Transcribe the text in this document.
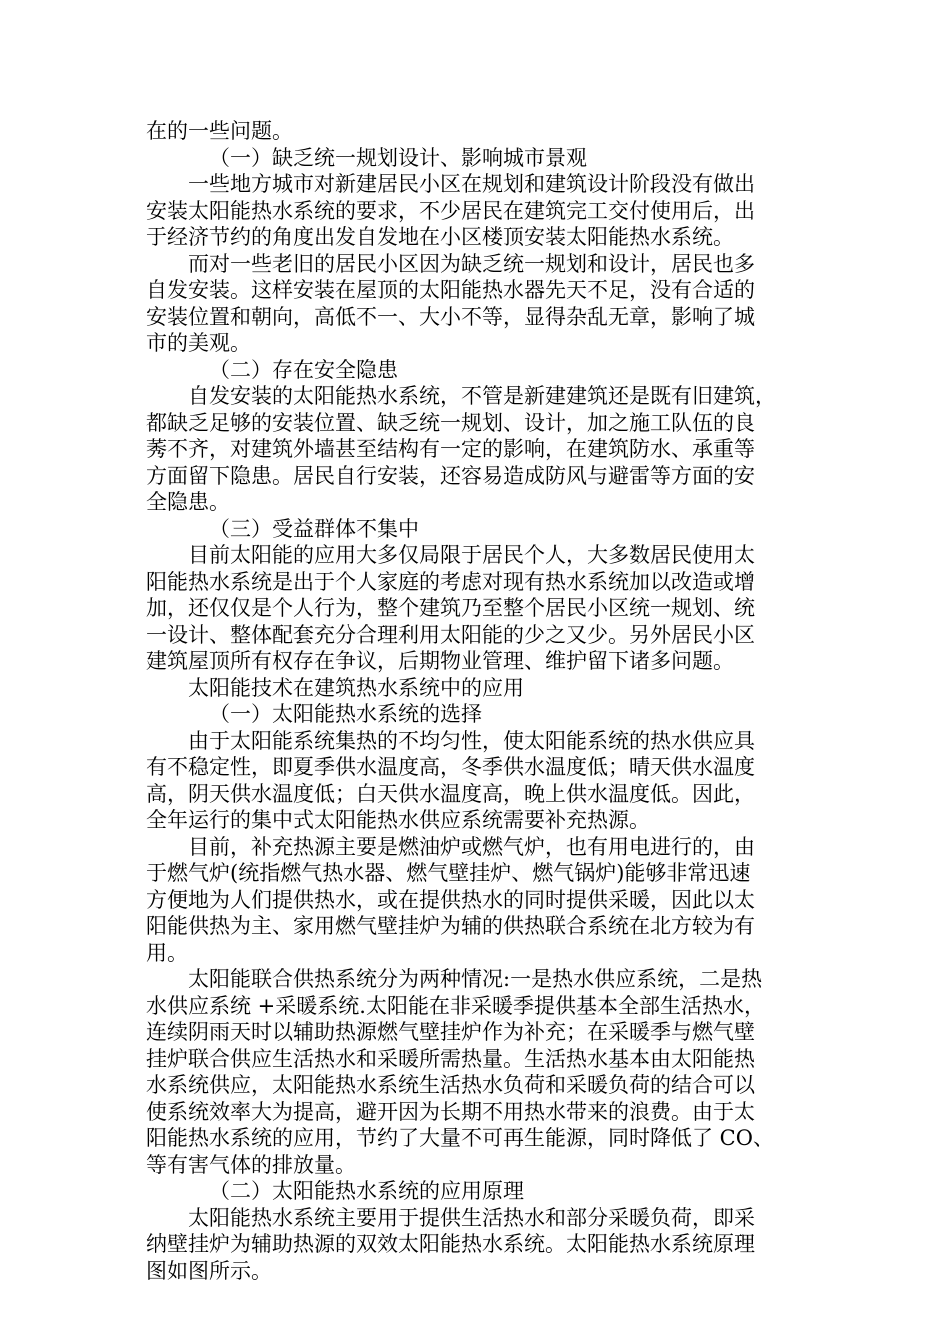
在的一些问题。
（一）缺乏统一规划设计、影响城市景观
一些地方城市对新建居民小区在规划和建筑设计阶段没有做出
安装太阳能热水系统的要求，不少居民在建筑完工交付使用后，出
于经济节约的角度出发自发地在小区楼顶安装太阳能热水系统。
而对一些老旧的居民小区因为缺乏统一规划和设计，居民也多
自发安装。这样安装在屋顶的太阳能热水器先天不足，没有合适的
安装位置和朝向，高低不一、大小不等，显得杂乱无章，影响了城
市的美观。
（二）存在安全隐患
自发安装的太阳能热水系统，不管是新建建筑还是既有旧建筑，
都缺乏足够的安装位置、缺乏统一规划、设计，加之施工队伍的良
莠不齐，对建筑外墙甚至结构有一定的影响，在建筑防水、承重等
方面留下隐患。居民自行安装，还容易造成防风与避雷等方面的安
全隐患。
（三）受益群体不集中
目前太阳能的应用大多仅局限于居民个人，大多数居民使用太
阳能热水系统是出于个人家庭的考虑对现有热水系统加以改造或增
加，还仅仅是个人行为，整个建筑乃至整个居民小区统一规划、统
一设计、整体配套充分合理利用太阳能的少之又少。另外居民小区
建筑屋顶所有权存在争议，后期物业管理、维护留下诸多问题。
太阳能技术在建筑热水系统中的应用
（一）太阳能热水系统的选择
由于太阳能系统集热的不均匀性，使太阳能系统的热水供应具
有不稳定性，即夏季供水温度高，冬季供水温度低；晴天供水温度
高，阴天供水温度低；白天供水温度高，晚上供水温度低。因此，
全年运行的集中式太阳能热水供应系统需要补充热源。
目前，补充热源主要是燃油炉或燃气炉，也有用电进行的，由
于燃气炉(统指燃气热水器、燃气壁挂炉、燃气锅炉)能够非常迅速
方便地为人们提供热水，或在提供热水的同时提供采暖，因此以太
阳能供热为主、家用燃气壁挂炉为辅的供热联合系统在北方较为有
用。
太阳能联合供热系统分为两种情况:一是热水供应系统，二是热
水供应系统 +采暖系统.太阳能在非采暖季提供基本全部生活热水，
连续阴雨天时以辅助热源燃气壁挂炉作为补充；在采暖季与燃气壁
挂炉联合供应生活热水和采暖所需热量。生活热水基本由太阳能热
水系统供应，太阳能热水系统生活热水负荷和采暖负荷的结合可以
使系统效率大为提高，避开因为长期不用热水带来的浪费。由于太
阳能热水系统的应用，节约了大量不可再生能源，同时降低了 CO、
等有害气体的排放量。
（二）太阳能热水系统的应用原理
太阳能热水系统主要用于提供生活热水和部分采暖负荷，即采
纳壁挂炉为辅助热源的双效太阳能热水系统。太阳能热水系统原理
图如图所示。
